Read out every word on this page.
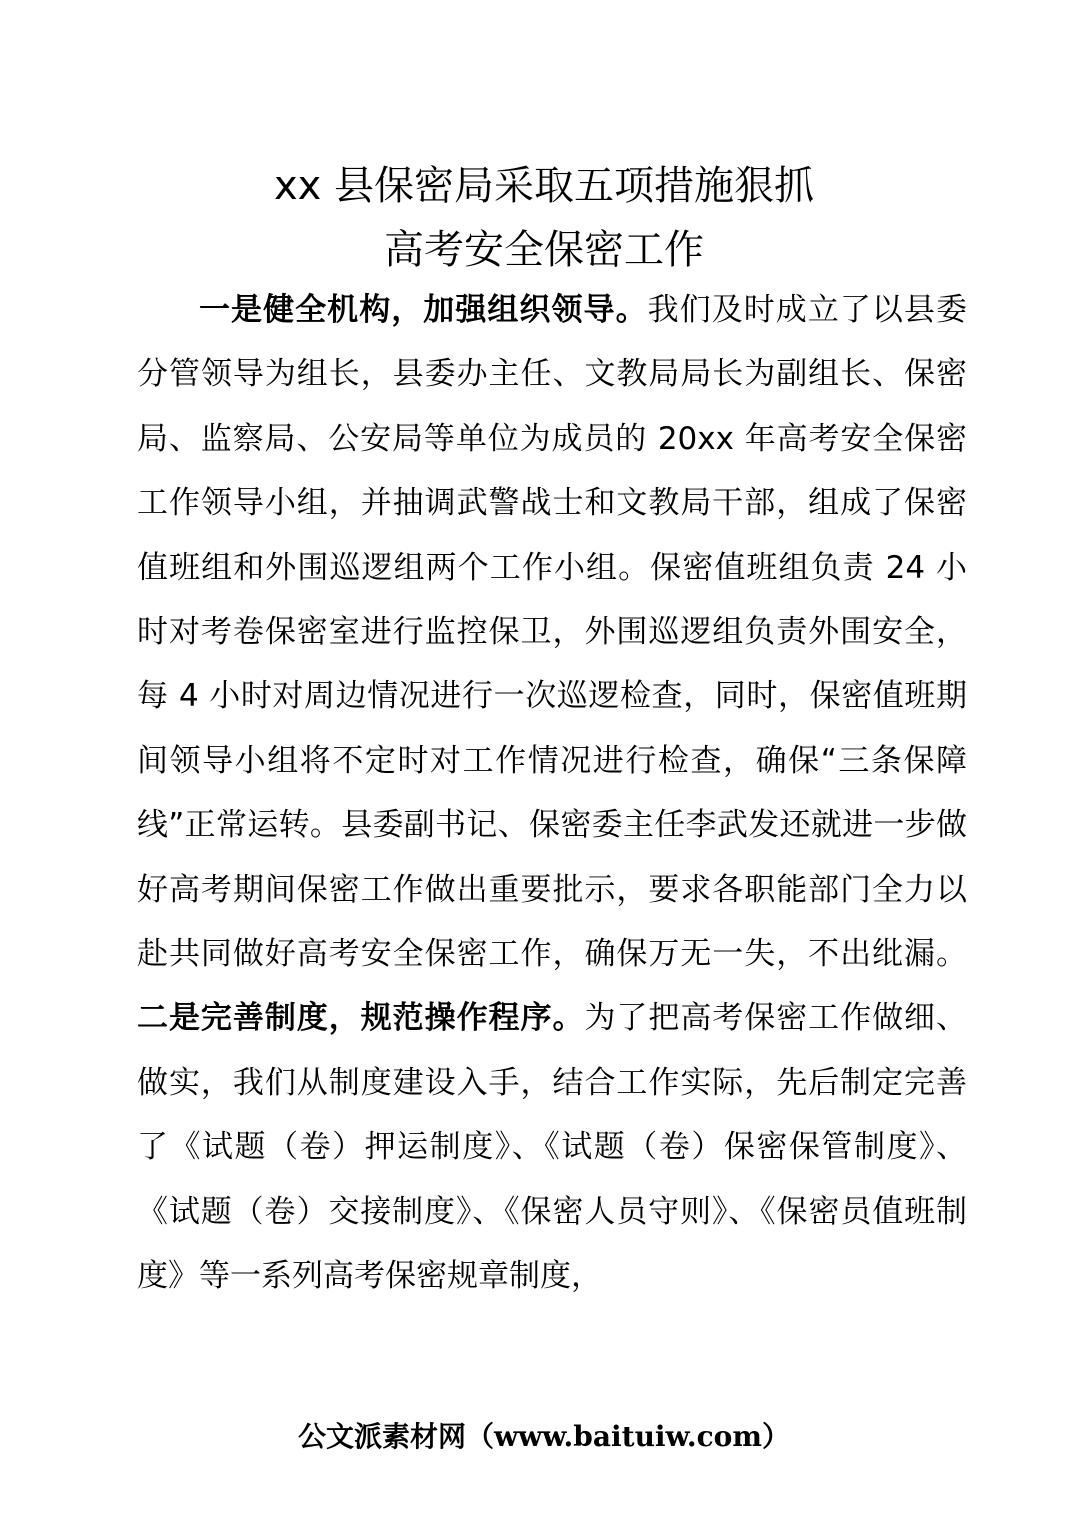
xx 县保密局采取五项措施狠抓
高考安全保密工作

一是健全机构，加强组织领导。我们及时成立了以县委分管领导为组长，县委办主任、文教局局长为副组长、保密局、监察局、公安局等单位为成员的 20xx 年高考安全保密工作领导小组，并抽调武警战士和文教局干部，组成了保密值班组和外围巡逻组两个工作小组。保密值班组负责 24 小时对考卷保密室进行监控保卫，外围巡逻组负责外围安全，每 4 小时对周边情况进行一次巡逻检查，同时，保密值班期间领导小组将不定时对工作情况进行检查，确保“三条保障线”正常运转。县委副书记、保密委主任李武发还就进一步做好高考期间保密工作做出重要批示，要求各职能部门全力以赴共同做好高考安全保密工作，确保万无一失，不出纰漏。二是完善制度，规范操作程序。为了把高考保密工作做细、做实，我们从制度建设入手，结合工作实际，先后制定完善了《试题（卷）押运制度》、《试题（卷）保密保管制度》、《试题（卷）交接制度》、《保密人员守则》、《保密员值班制度》等一系列高考保密规章制度，

公文派素材网（www.baituiw.com）
